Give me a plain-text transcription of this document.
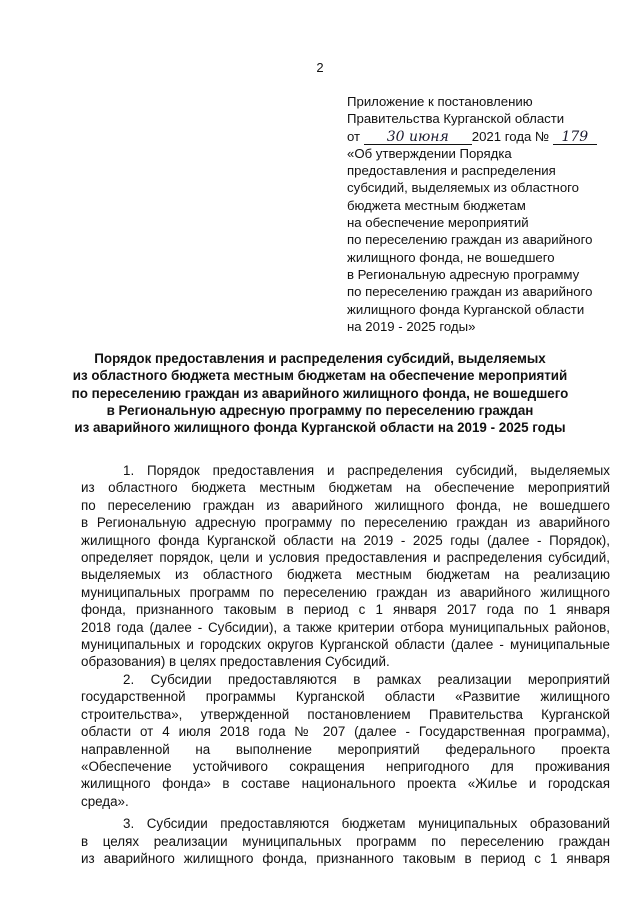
2
Приложение к постановлению
Правительства Курганской области
от 30 июня 2021 года № 179
«Об утверждении Порядка
предоставления и распределения
субсидий, выделяемых из областного
бюджета местным бюджетам
на обеспечение мероприятий
по переселению граждан из аварийного
жилищного фонда, не вошедшего
в Региональную адресную программу
по переселению граждан из аварийного
жилищного фонда Курганской области
на 2019 - 2025 годы»
Порядок предоставления и распределения субсидий, выделяемых
из областного бюджета местным бюджетам на обеспечение мероприятий
по переселению граждан из аварийного жилищного фонда, не вошедшего
в Региональную адресную программу по переселению граждан
из аварийного жилищного фонда Курганской области на 2019 - 2025 годы
1. Порядок предоставления и распределения субсидий, выделяемых
из областного бюджета местным бюджетам на обеспечение мероприятий
по переселению граждан из аварийного жилищного фонда, не вошедшего
в Региональную адресную программу по переселению граждан из аварийного
жилищного фонда Курганской области на 2019 - 2025 годы (далее - Порядок),
определяет порядок, цели и условия предоставления и распределения субсидий,
выделяемых из областного бюджета местным бюджетам на реализацию
муниципальных программ по переселению граждан из аварийного жилищного
фонда, признанного таковым в период с 1 января 2017 года по 1 января
2018 года (далее - Субсидии), а также критерии отбора муниципальных районов,
муниципальных и городских округов Курганской области (далее - муниципальные
образования) в целях предоставления Субсидий.
2. Субсидии предоставляются в рамках реализации мероприятий
государственной программы Курганской области «Развитие жилищного
строительства», утвержденной постановлением Правительства Курганской
области от 4 июля 2018 года № 207 (далее - Государственная программа),
направленной на выполнение мероприятий федерального проекта
«Обеспечение устойчивого сокращения непригодного для проживания
жилищного фонда» в составе национального проекта «Жилье и городская
среда».
3. Субсидии предоставляются бюджетам муниципальных образований
в целях реализации муниципальных программ по переселению граждан
из аварийного жилищного фонда, признанного таковым в период с 1 января
